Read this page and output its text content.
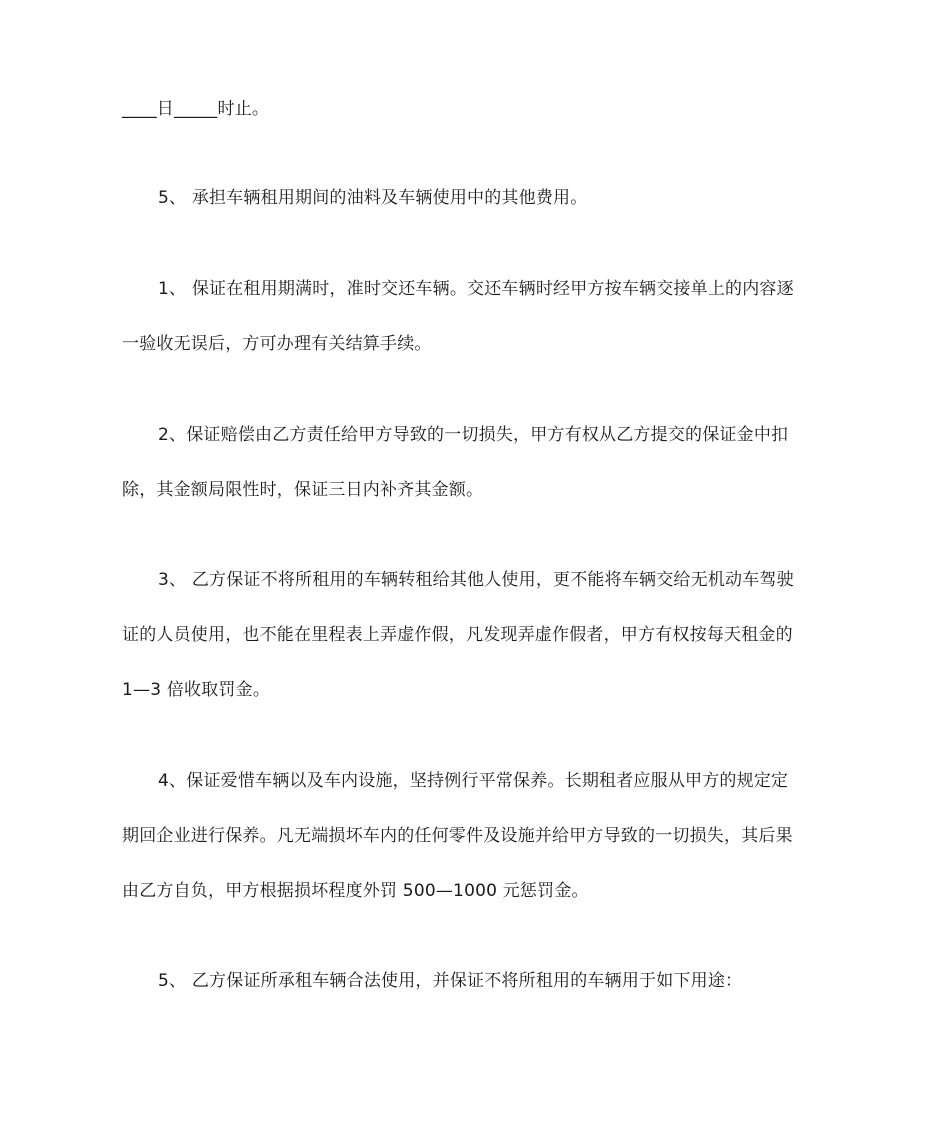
____日_____时止。
5、 承担车辆租用期间的油料及车辆使用中的其他费用。
1、 保证在租用期满时，准时交还车辆。交还车辆时经甲方按车辆交接单上的内容逐
一验收无误后，方可办理有关结算手续。
2、保证赔偿由乙方责任给甲方导致的一切损失，甲方有权从乙方提交的保证金中扣
除，其金额局限性时，保证三日内补齐其金额。
3、 乙方保证不将所租用的车辆转租给其他人使用，更不能将车辆交给无机动车驾驶
证的人员使用，也不能在里程表上弄虚作假，凡发现弄虚作假者，甲方有权按每天租金的
1—3 倍收取罚金。
4、保证爱惜车辆以及车内设施，坚持例行平常保养。长期租者应服从甲方的规定定
期回企业进行保养。凡无端损坏车内的任何零件及设施并给甲方导致的一切损失，其后果
由乙方自负，甲方根据损坏程度外罚 500—1000 元惩罚金。
5、 乙方保证所承租车辆合法使用，并保证不将所租用的车辆用于如下用途：
